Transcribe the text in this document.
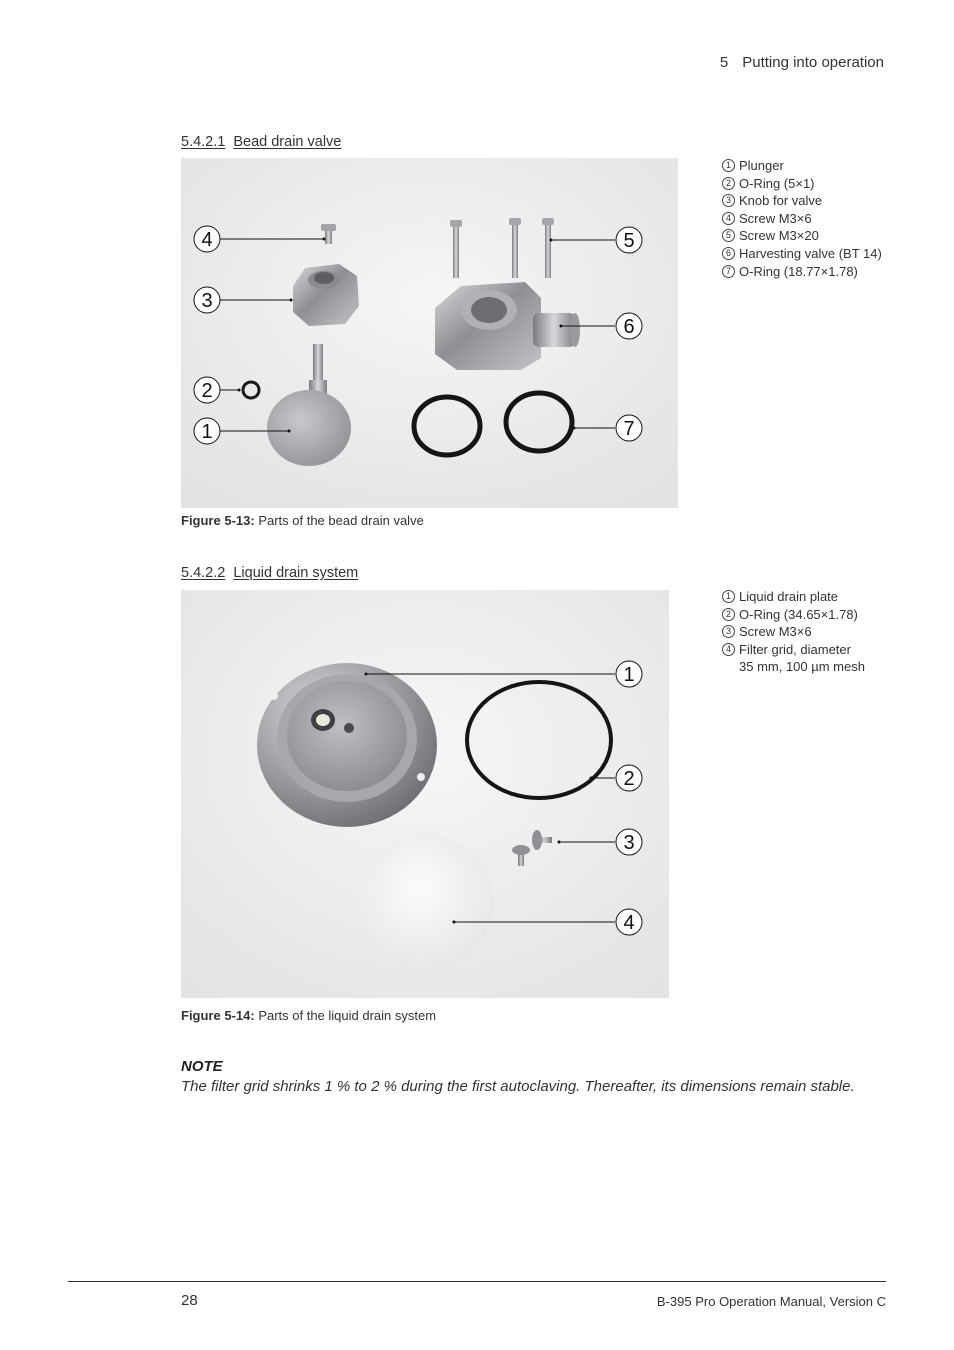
5 Putting into operation
5.4.2.1 Bead drain valve
4
3
2
1
5
6
7
1 Plunger
2 O-Ring (5×1)
3 Knob for valve
4 Screw M3×6
5 Screw M3×20
6 Harvesting valve (BT 14)
7 O-Ring (18.77×1.78)
Figure 5-13: Parts of the bead drain valve
5.4.2.2 Liquid drain system
1
2
3
4
1 Liquid drain plate
2 O-Ring (34.65×1.78)
3 Screw M3×6
4 Filter grid, diameter
35 mm, 100 µm mesh
Figure 5-14: Parts of the liquid drain system
NOTE
The filter grid shrinks 1 % to 2 % during the first autoclaving. Thereafter, its dimensions remain stable.
28	B-395 Pro Operation Manual, Version C
